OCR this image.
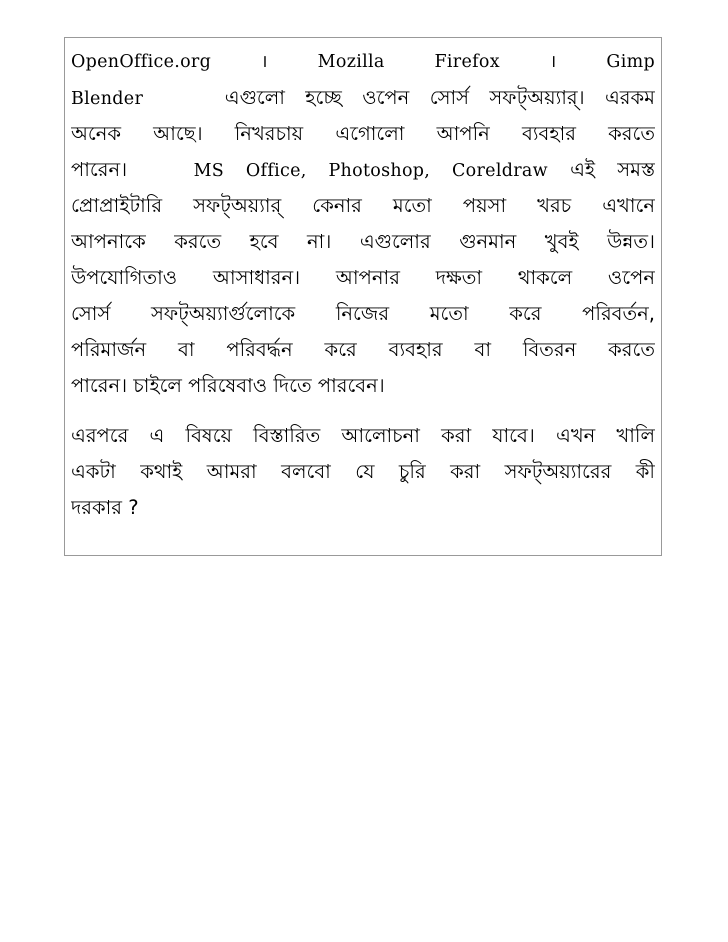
OpenOffice.org । Mozilla Firefox । Gimp
Blender	এগুলো হচ্ছে ওপেন সোর্স সফট্অয়্যার্। এরকম
অনেক আছে। নিখরচায় এগোলো আপনি ব্যবহার করতে
পারেন।	MS Office, Photoshop, Coreldraw এই সমস্ত
প্রোপ্রাইটারি সফট্অয়্যার্ কেনার মতো পয়সা খরচ এখানে
আপনাকে করতে হবে না। এগুলোর গুনমান খুবই উন্নত।
উপযোগিতাও আসাধারন। আপনার দক্ষতা থাকলে ওপেন
সোর্স সফট্অয়্যার্গুলোকে নিজের মতো করে পরিবর্তন,
পরিমার্জন বা পরিবর্দ্ধন করে ব্যবহার বা বিতরন করতে
পারেন। চাইলে পরিষেবাও দিতে পারবেন।
এরপরে এ বিষয়ে বিস্তারিত আলোচনা করা যাবে। এখন খালি
একটা কথাই আমরা বলবো যে চুরি করা সফট্অয়্যারের কী
দরকার ?
